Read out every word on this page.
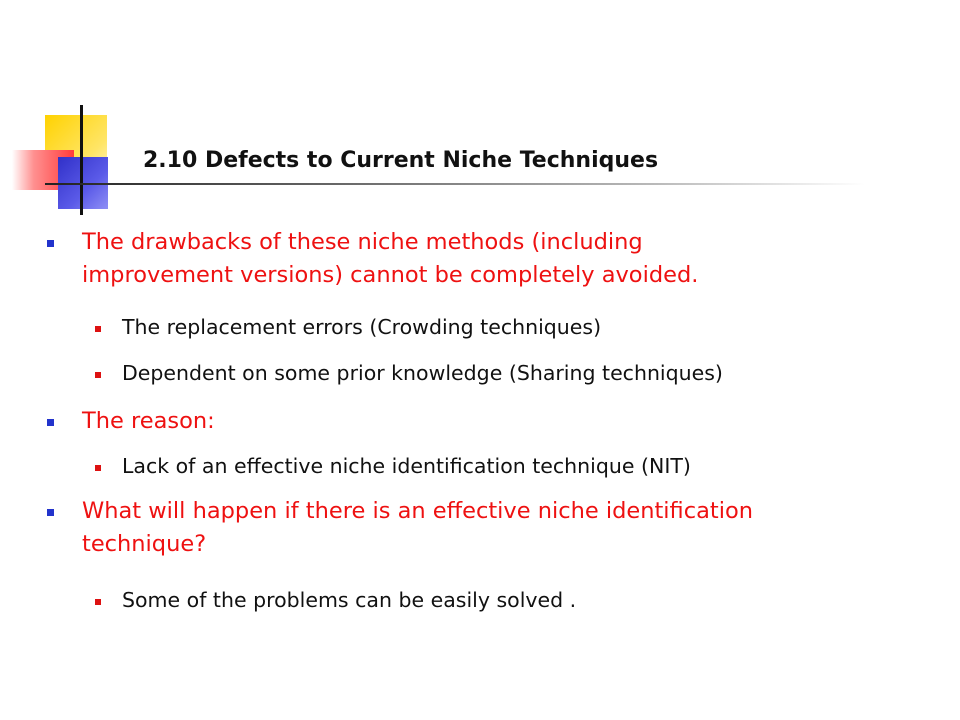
2.10 Defects to Current Niche Techniques
The drawbacks of these niche methods (including
improvement versions) cannot be completely avoided.
The replacement errors (Crowding techniques)
Dependent on some prior knowledge (Sharing techniques)
The reason:
Lack of an effective niche identification technique (NIT)
What will happen if there is an effective niche identification
technique?
Some of the problems can be easily solved .
